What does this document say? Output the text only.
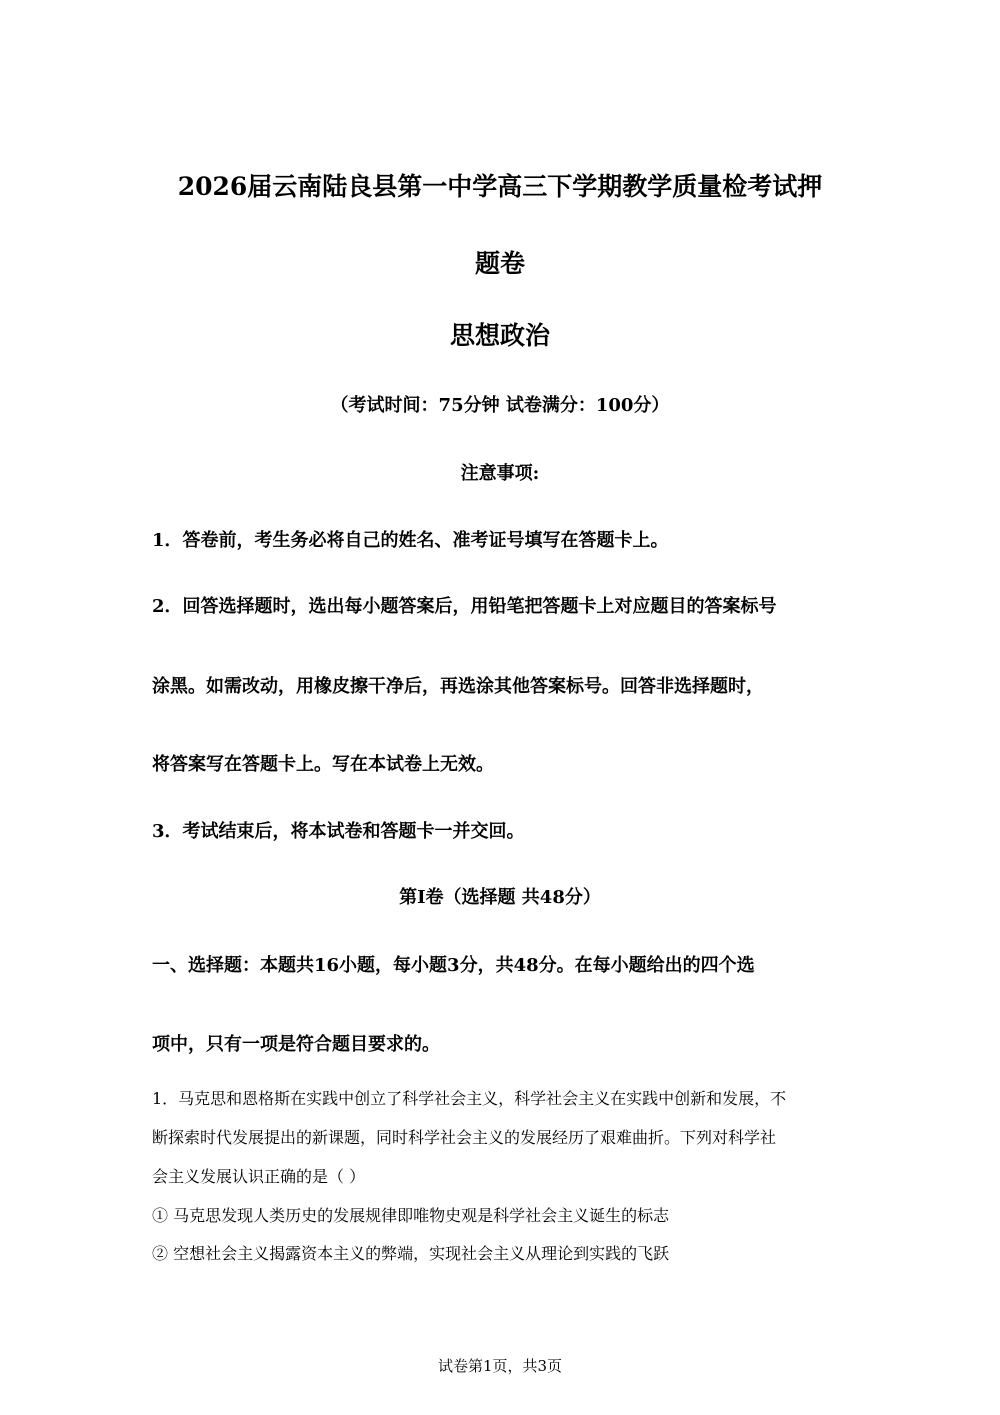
2026届云南陆良县第一中学高三下学期教学质量检考试押
题卷
思想政治
（考试时间：75分钟 试卷满分：100分）
注意事项:
1．答卷前，考生务必将自己的姓名、准考证号填写在答题卡上。
2．回答选择题时，选出每小题答案后，用铅笔把答题卡上对应题目的答案标号
涂黑。如需改动，用橡皮擦干净后，再选涂其他答案标号。回答非选择题时，
将答案写在答题卡上。写在本试卷上无效。
3．考试结束后，将本试卷和答题卡一并交回。
第Ⅰ卷（选择题 共48分）
一、选择题：本题共16小题，每小题3分，共48分。在每小题给出的四个选
项中，只有一项是符合题目要求的。
1．马克思和恩格斯在实践中创立了科学社会主义，科学社会主义在实践中创新和发展，不
断探索时代发展提出的新课题，同时科学社会主义的发展经历了艰难曲折。下列对科学社
会主义发展认识正确的是（ ）
① 马克思发现人类历史的发展规律即唯物史观是科学社会主义诞生的标志
② 空想社会主义揭露资本主义的弊端，实现社会主义从理论到实践的飞跃
试卷第1页，共3页
